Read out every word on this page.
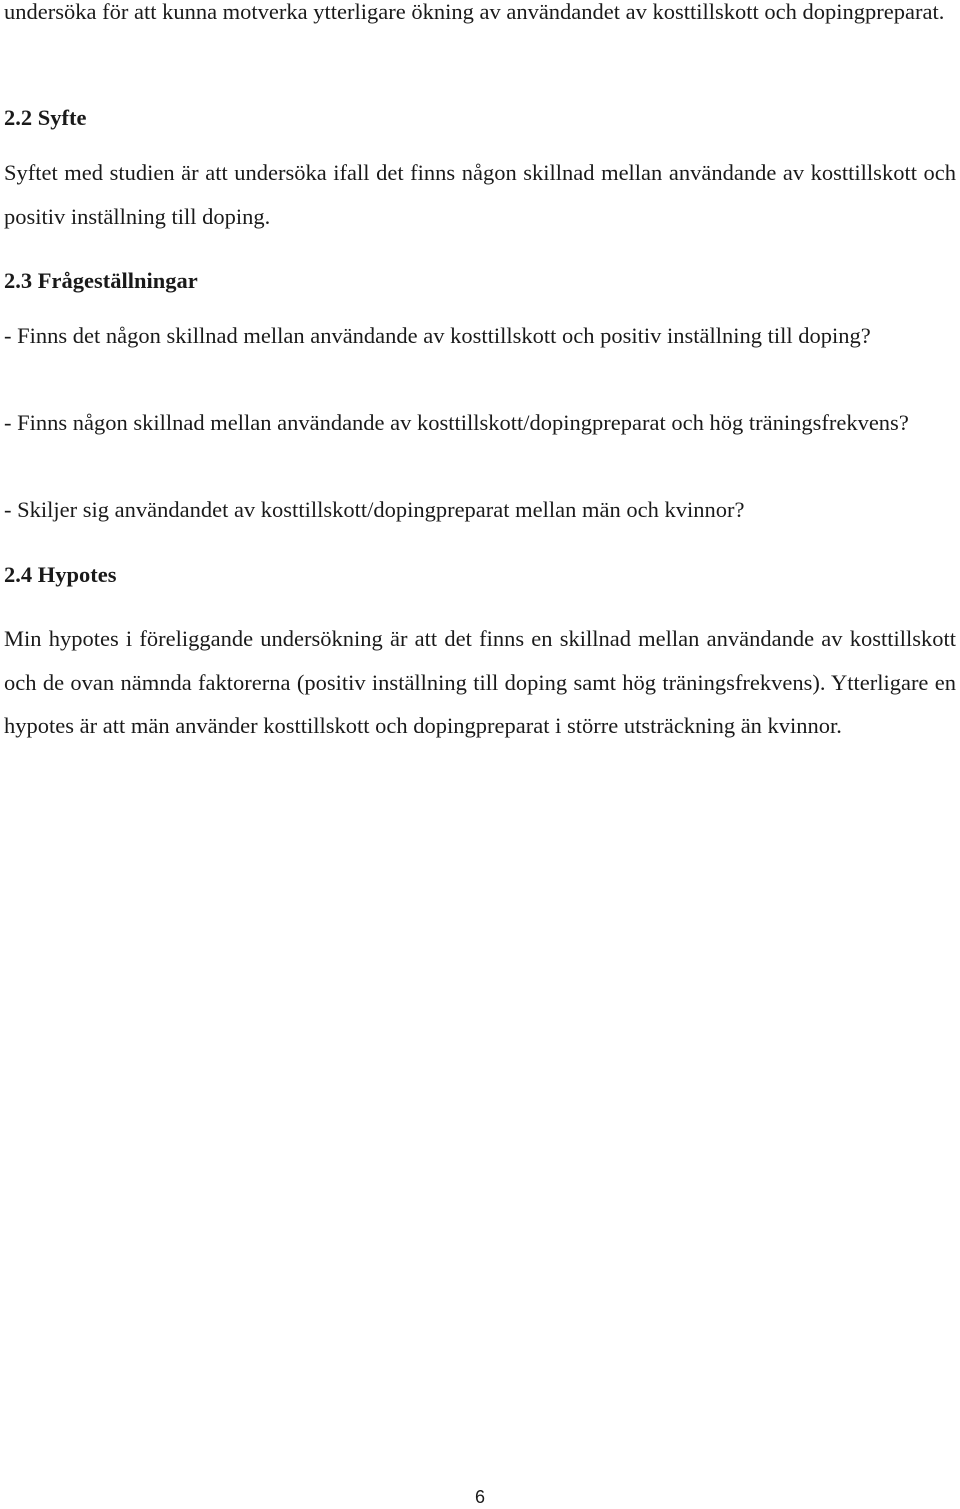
undersöka för att kunna motverka ytterligare ökning av användandet av kosttillskott och dopingpreparat.

2.2 Syfte

Syftet med studien är att undersöka ifall det finns någon skillnad mellan användande av kosttillskott och positiv inställning till doping.

2.3 Frågeställningar

- Finns det någon skillnad mellan användande av kosttillskott och positiv inställning till doping?

- Finns någon skillnad mellan användande av kosttillskott/dopingpreparat och hög träningsfrekvens?

- Skiljer sig användandet av kosttillskott/dopingpreparat mellan män och kvinnor?

2.4 Hypotes

Min hypotes i föreliggande undersökning är att det finns en skillnad mellan användande av kosttillskott och de ovan nämnda faktorerna (positiv inställning till doping samt hög träningsfrekvens). Ytterligare en hypotes är att män använder kosttillskott och dopingpreparat i större utsträckning än kvinnor.

6
